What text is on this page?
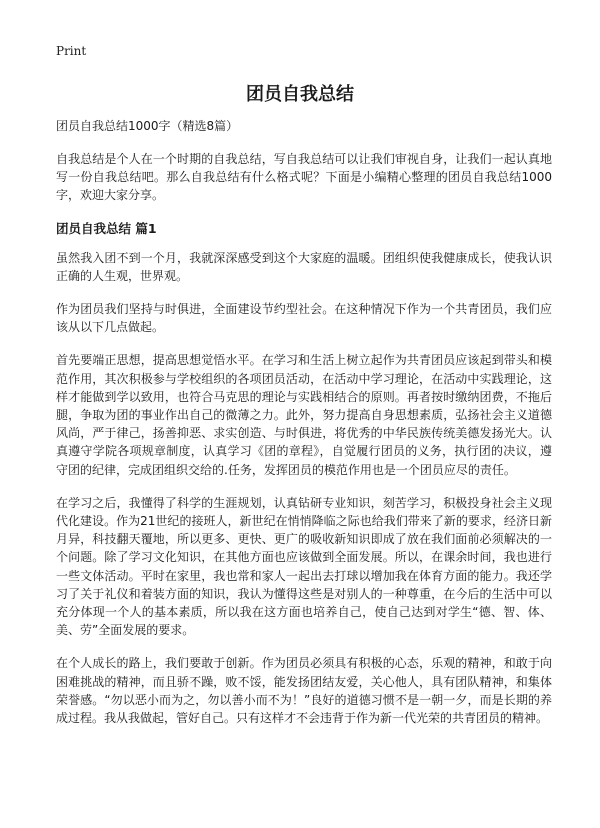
Print
团员自我总结

团员自我总结1000字（精选8篇）

自我总结是个人在一个时期的自我总结，写自我总结可以让我们审视自身，让我们一起认真地写一份自我总结吧。那么自我总结有什么格式呢？下面是小编精心整理的团员自我总结1000字，欢迎大家分享。

团员自我总结 篇1

虽然我入团不到一个月，我就深深感受到这个大家庭的温暖。团组织使我健康成长，使我认识正确的人生观，世界观。

作为团员我们坚持与时俱进，全面建设节约型社会。在这种情况下作为一个共青团员，我们应该从以下几点做起。

首先要端正思想，提高思想觉悟水平。在学习和生活上树立起作为共青团员应该起到带头和模范作用，其次积极参与学校组织的各项团员活动，在活动中学习理论，在活动中实践理论，这样才能做到学以致用，也符合马克思的理论与实践相结合的原则。再者按时缴纳团费，不拖后腿，争取为团的事业作出自己的微薄之力。此外，努力提高自身思想素质，弘扬社会主义道德风尚，严于律己，扬善抑恶、求实创造、与时俱进，将优秀的中华民族传统美德发扬光大。认真遵守学院各项规章制度，认真学习《团的章程》，自觉履行团员的义务，执行团的决议，遵守团的纪律，完成团组织交给的.任务，发挥团员的模范作用也是一个团员应尽的责任。

在学习之后，我懂得了科学的生涯规划，认真钻研专业知识，刻苦学习，积极投身社会主义现代化建设。作为21世纪的接班人，新世纪在悄悄降临之际也给我们带来了新的要求，经济日新月异，科技翻天覆地，所以更多、更快、更广的吸收新知识即成了放在我们面前必须解决的一个问题。除了学习文化知识，在其他方面也应该做到全面发展。所以，在课余时间，我也进行一些文体活动。平时在家里，我也常和家人一起出去打球以增加我在体育方面的能力。我还学习了关于礼仪和着装方面的知识，我认为懂得这些是对别人的一种尊重，在今后的生活中可以充分体现一个人的基本素质，所以我在这方面也培养自己，使自己达到对学生“德、智、体、美、劳”全面发展的要求。

在个人成长的路上，我们要敢于创新。作为团员必须具有积极的心态，乐观的精神，和敢于向困难挑战的精神，而且骄不躁，败不馁，能发扬团结友爱，关心他人，具有团队精神，和集体荣誉感。“勿以恶小而为之，勿以善小而不为！”良好的道德习惯不是一朝一夕，而是长期的养成过程。我从我做起，管好自己。只有这样才不会违背于作为新一代光荣的共青团员的精神。
